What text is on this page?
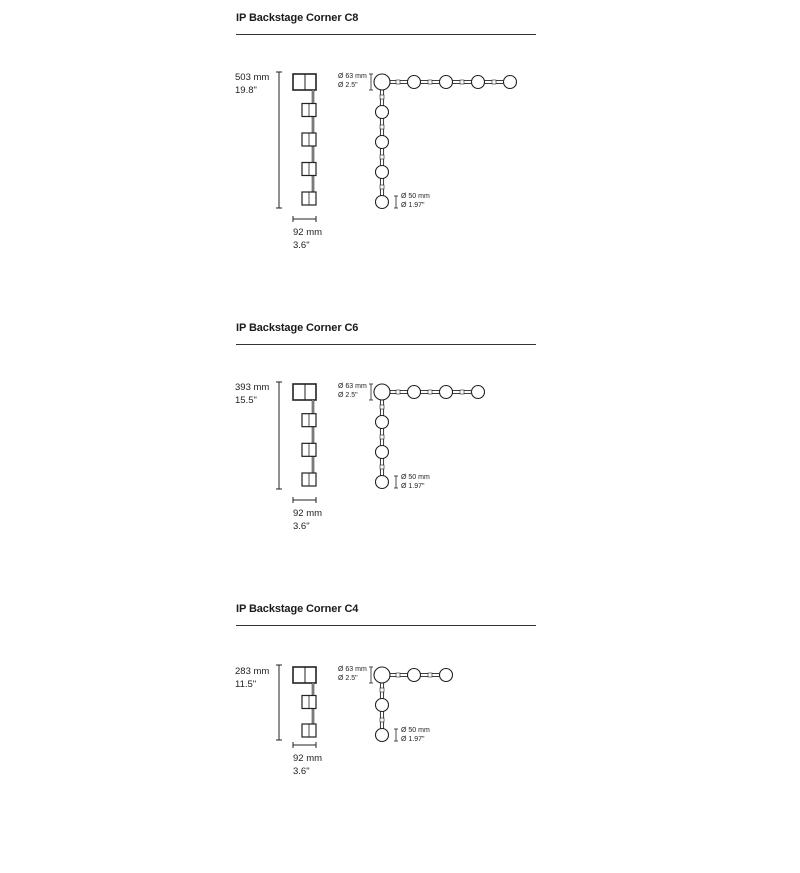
IP Backstage Corner C8
503 mm
19.8"
92 mm
3.6"
Ø 63 mm
Ø 2.5"
Ø 50 mm
Ø 1.97"
IP Backstage Corner C6
393 mm
15.5"
92 mm
3.6"
Ø 63 mm
Ø 2.5"
Ø 50 mm
Ø 1.97"
IP Backstage Corner C4
283 mm
11.5"
92 mm
3.6"
Ø 63 mm
Ø 2.5"
Ø 50 mm
Ø 1.97"
